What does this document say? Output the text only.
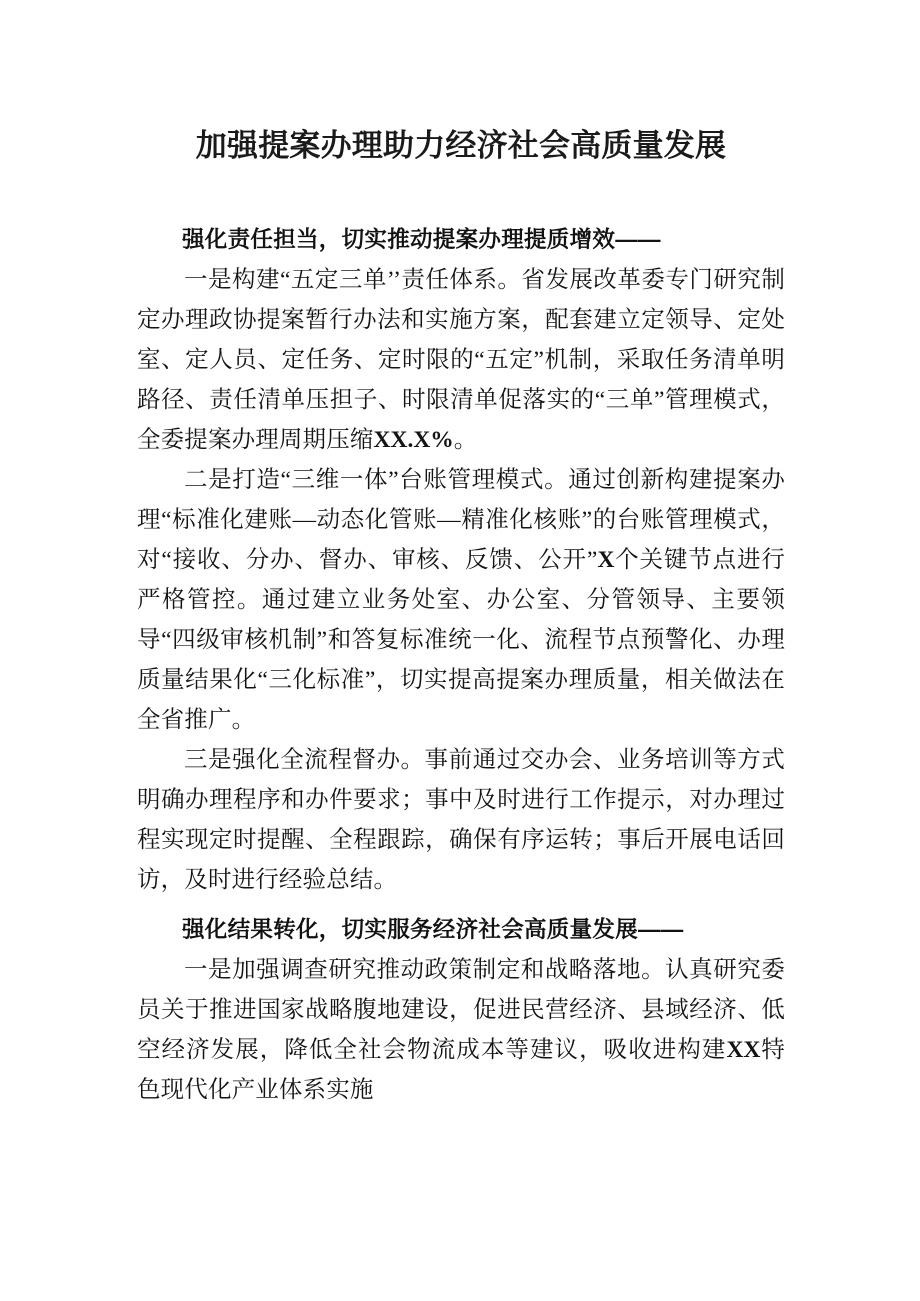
加强提案办理助力经济社会高质量发展
强化责任担当，切实推动提案办理提质增效——

一是构建“五定三单’’责任体系。省发展改革委专门研究制定办理政协提案暂行办法和实施方案，配套建立定领导、定处室、定人员、定任务、定时限的“五定”机制，采取任务清单明路径、责任清单压担子、时限清单促落实的“三单”管理模式，全委提案办理周期压缩XX.X%。

二是打造“三维一体”台账管理模式。通过创新构建提案办理“标准化建账—动态化管账—精准化核账”的台账管理模式，对“接收、分办、督办、审核、反馈、公开”X个关键节点进行严格管控。通过建立业务处室、办公室、分管领导、主要领导“四级审核机制”和答复标准统一化、流程节点预警化、办理质量结果化“三化标准”，切实提高提案办理质量，相关做法在全省推广。

三是强化全流程督办。事前通过交办会、业务培训等方式明确办理程序和办件要求；事中及时进行工作提示，对办理过程实现定时提醒、全程跟踪，确保有序运转；事后开展电话回访，及时进行经验总结。

强化结果转化，切实服务经济社会高质量发展——

一是加强调查研究推动政策制定和战略落地。认真研究委员关于推进国家战略腹地建设，促进民营经济、县域经济、低空经济发展，降低全社会物流成本等建议，吸收进构建XX特色现代化产业体系实施
